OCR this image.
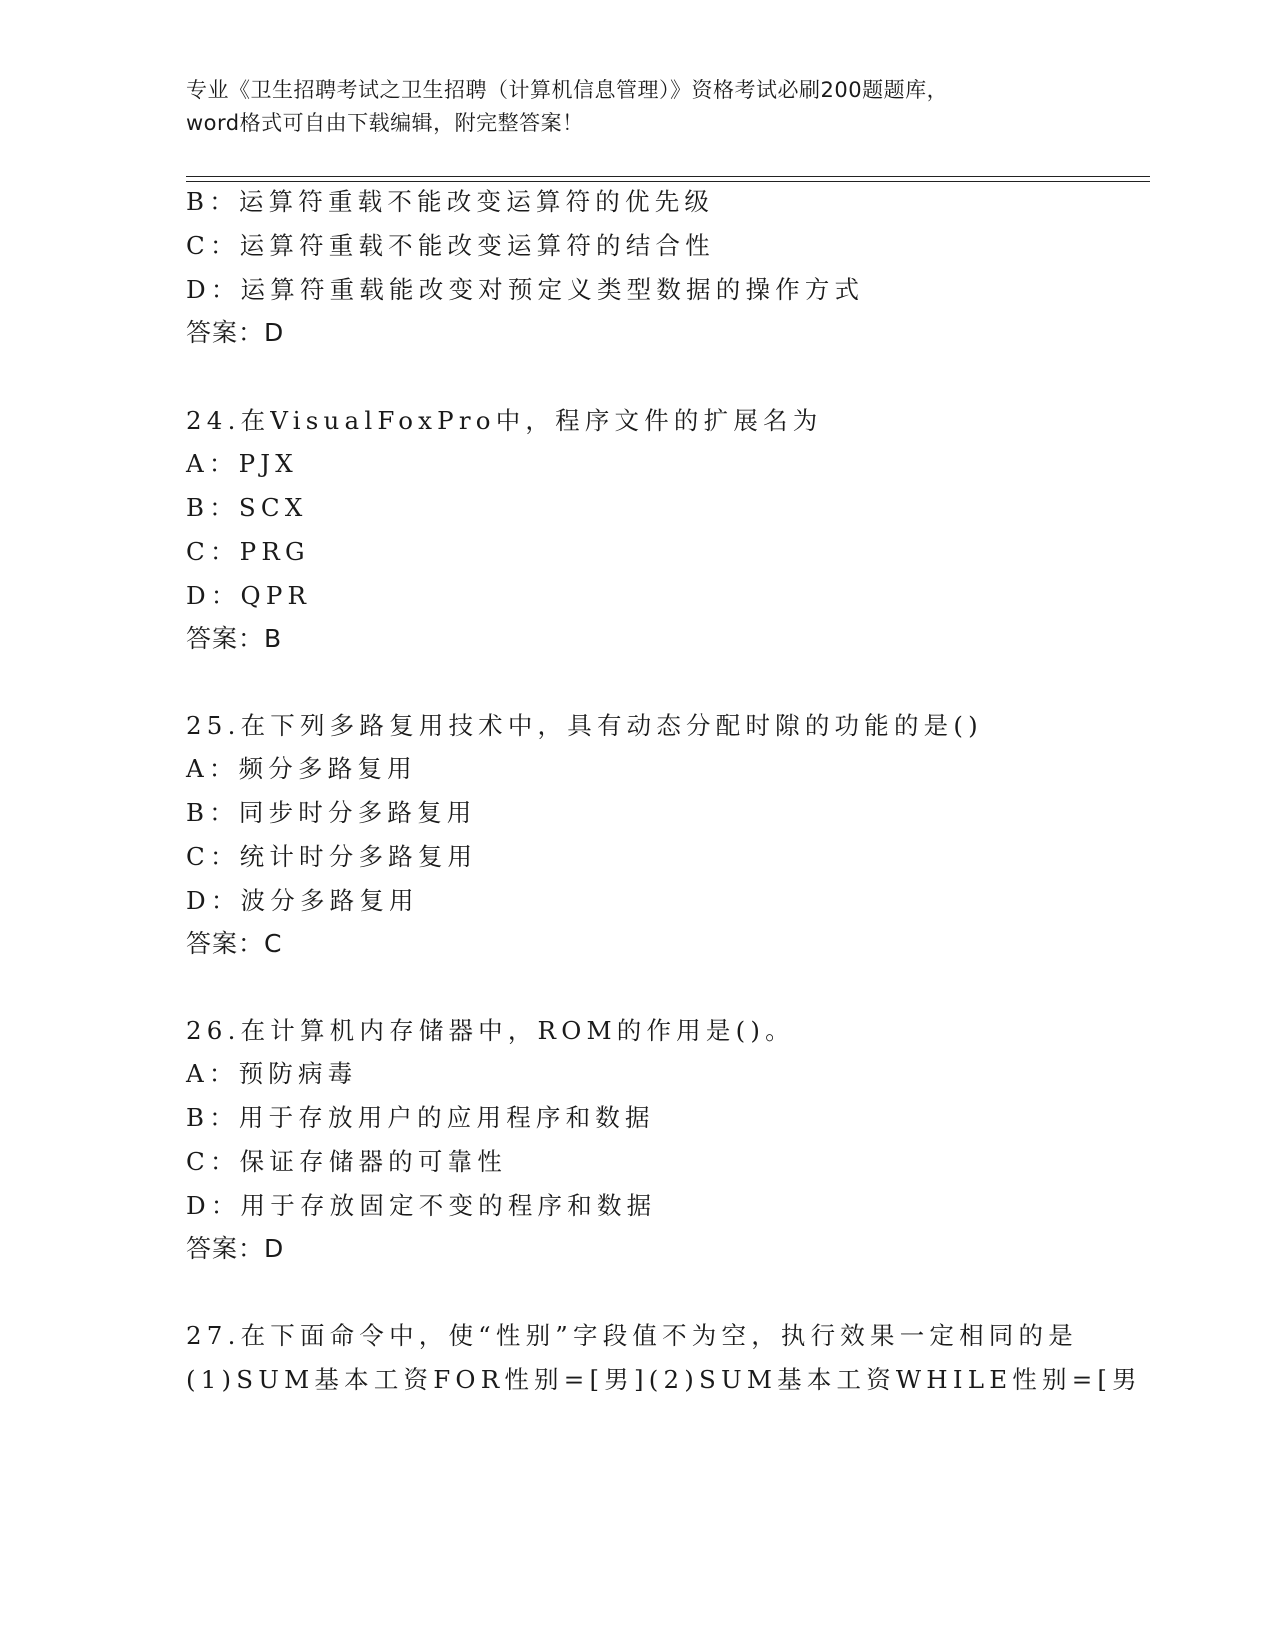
专业《卫生招聘考试之卫生招聘（计算机信息管理）》资格考试必刷200题题库，
word格式可自由下载编辑，附完整答案！
B：运算符重载不能改变运算符的优先级
C：运算符重载不能改变运算符的结合性
D：运算符重载能改变对预定义类型数据的操作方式
答案：D
24.在VisualFoxPro中，程序文件的扩展名为
A：PJX
B：SCX
C：PRG
D：QPR
答案：B
25.在下列多路复用技术中，具有动态分配时隙的功能的是()
A：频分多路复用
B：同步时分多路复用
C：统计时分多路复用
D：波分多路复用
答案：C
26.在计算机内存储器中，ROM的作用是()。
A：预防病毒
B：用于存放用户的应用程序和数据
C：保证存储器的可靠性
D：用于存放固定不变的程序和数据
答案：D
27.在下面命令中，使“性别”字段值不为空，执行效果一定相同的是
(1)SUM基本工资FOR性别=[男](2)SUM基本工资WHILE性别=[男
